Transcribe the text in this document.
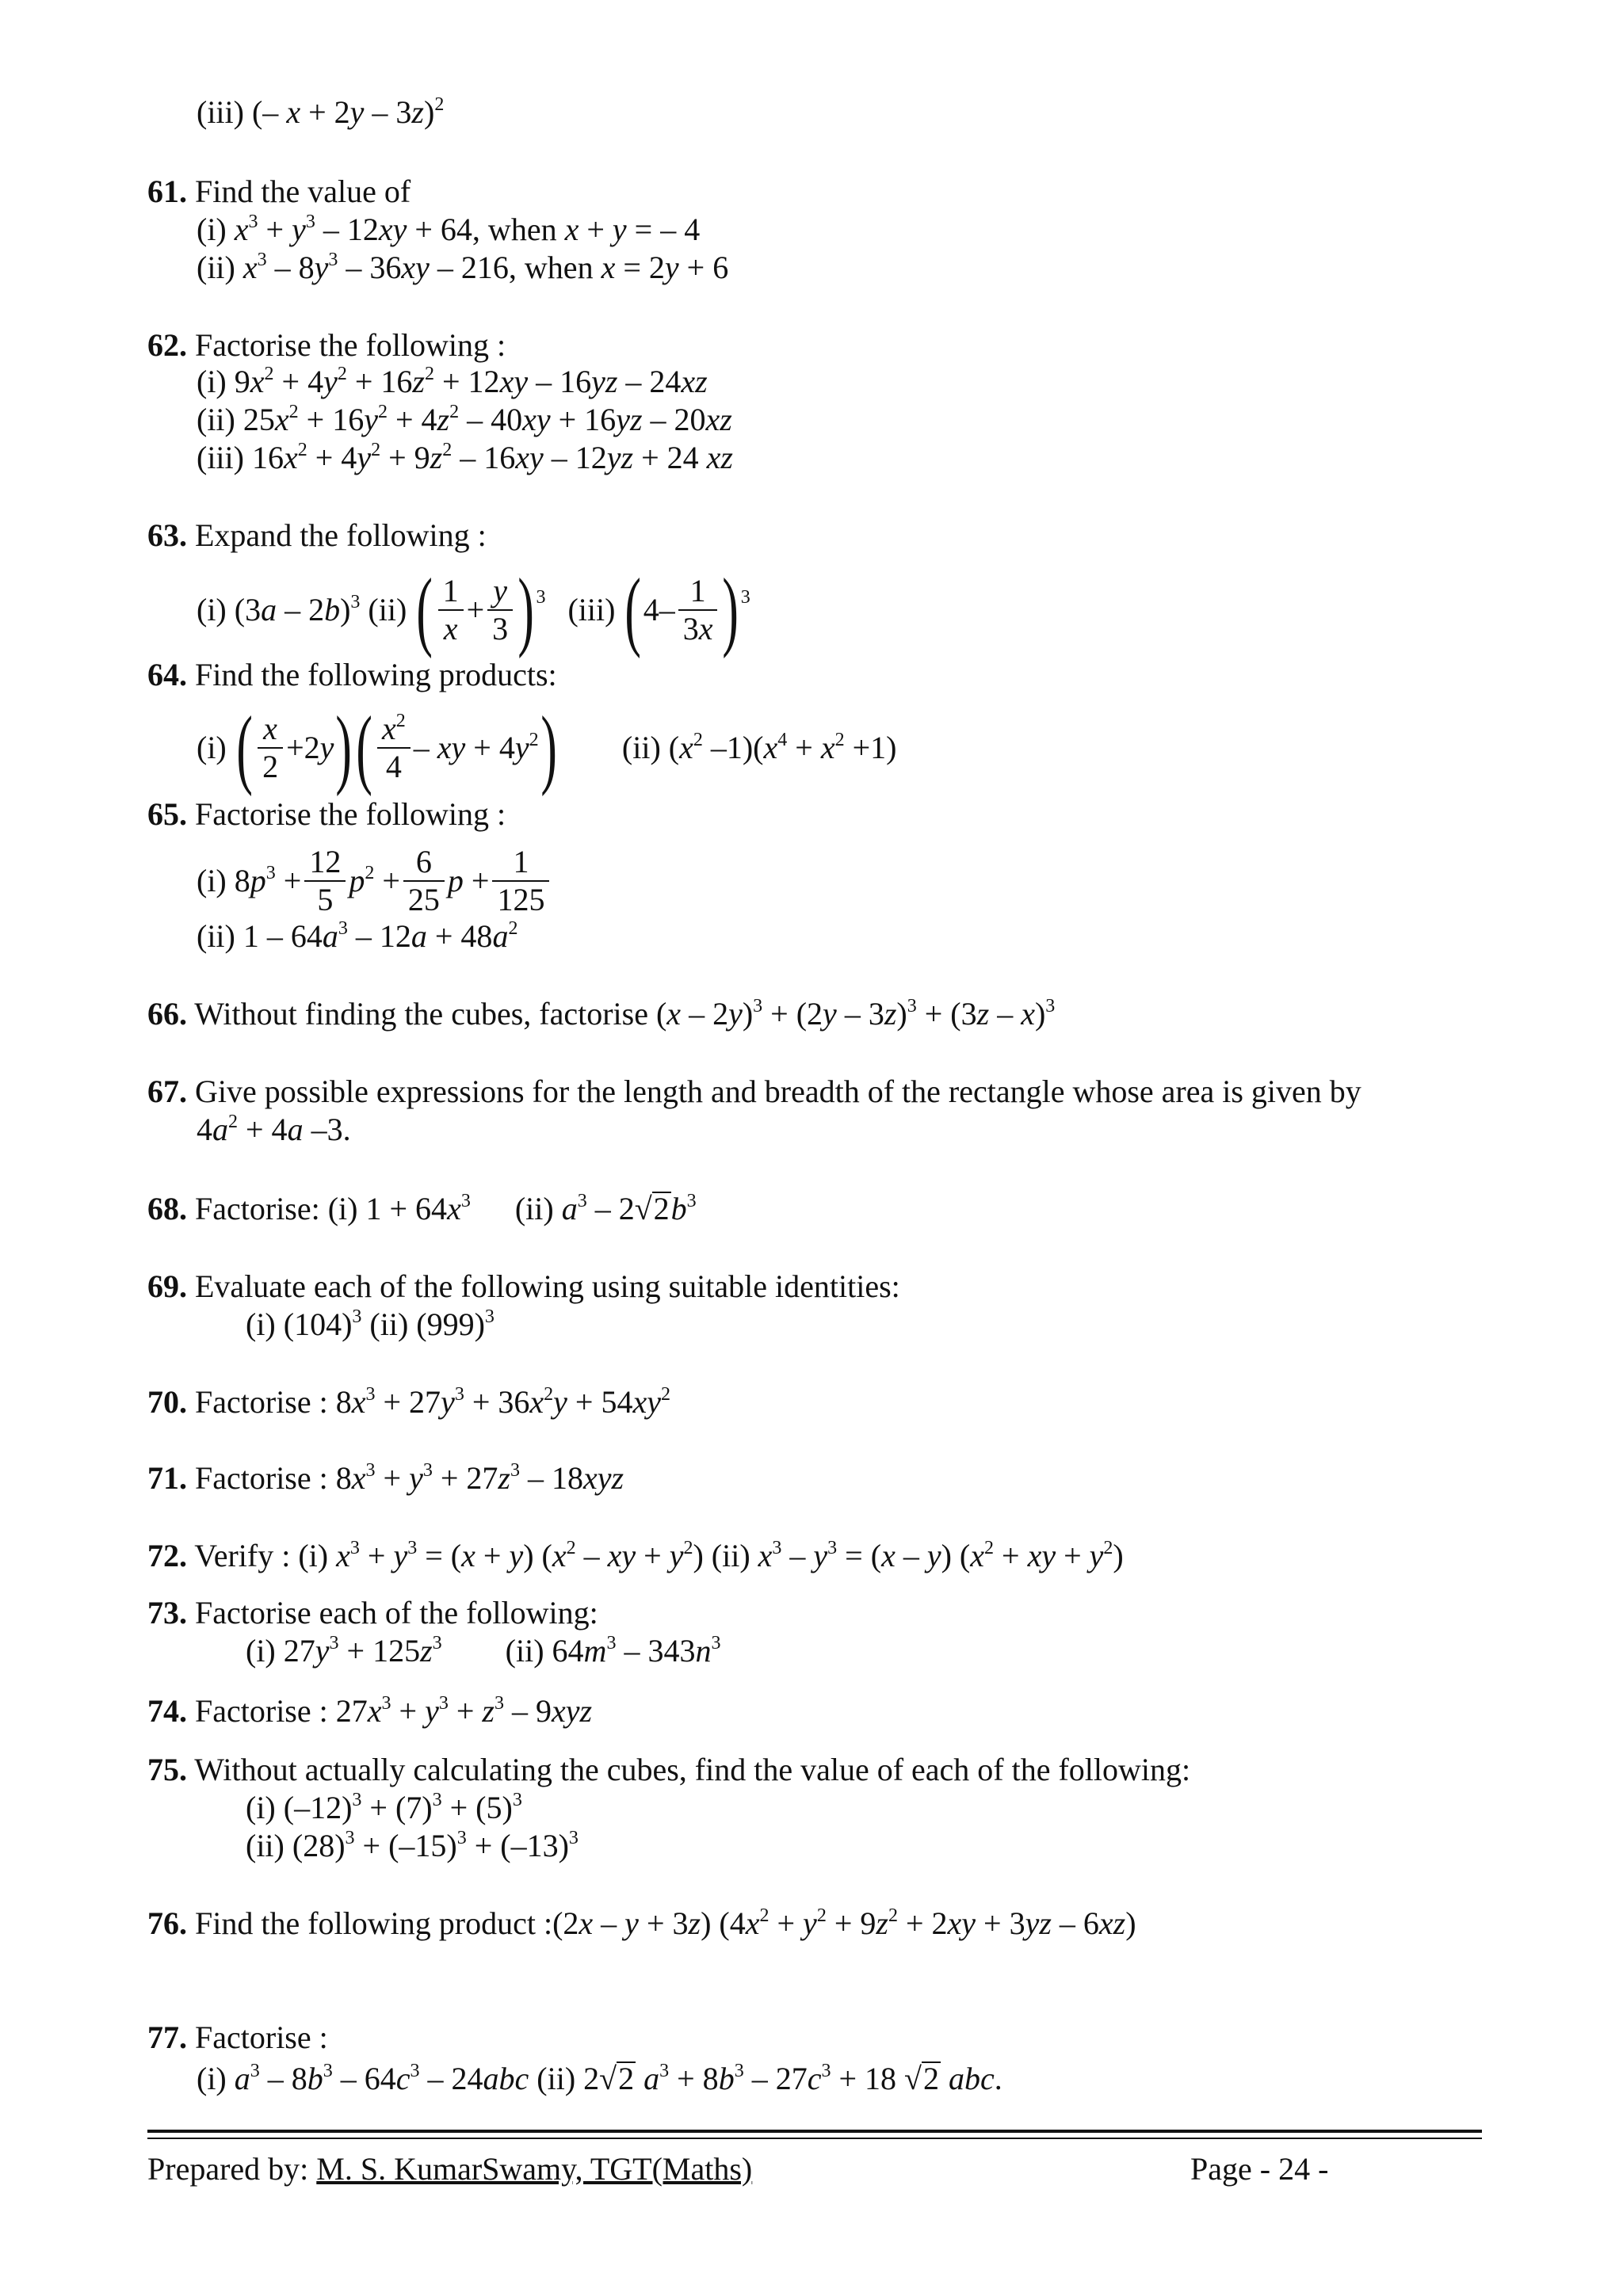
(iii) (– x + 2y – 3z)$^2$
61. Find the value of
(i) $x^3 + y^3 - 12xy + 64$, when x + y = – 4
(ii) $x^3 - 8y^3 - 36xy - 216$, when x = 2y + 6
62. Factorise the following :
(i) $9x^2 + 4y^2 + 16z^2 + 12xy - 16yz - 24xz$
(ii) $25x^2 + 16y^2 + 4z^2 - 40xy + 16yz - 20xz$
(iii) $16x^2 + 4y^2 + 9z^2 - 16xy - 12yz + 24$ xz
63. Expand the following :
(i) (3a – 2b)$^3$ (ii) ( $\frac{1}{x} + \frac{y}{3} )3$ (iii) $(4- \frac{1}{3x} )3$
64. Find the following products:
(i) ( $\frac{x}{2} +2y)( \frac{x^2}{4}$ – xy + $4y^2$) (ii) ($x^2$ $-1)(x^4 + x^2 +1)$
65. Factorise the following :
(i) $8p^3 + \frac{12}{5} p^2 + \frac{6}{25}$ $p + \frac{1}{125}$
(ii) $1 - 64a^3 - 12a + 48a^2$
66. Without finding the cubes, factorise (x – 2y)$^3$ + (2y – 3z)$^3$ + (3z – x)$^3$
67. Give possible expressions for the length and breadth of the rectangle whose area is given by
$4a^2 + 4a$ –3.
68. Factorise: (i) $1 + 64x^3$ (ii) $a^3 - 2√2b^3$
69. Evaluate each of the following using suitable identities:
(i) $(104)^3$ (ii) $(999)^3$
70. Factorise : $8x^3 + 27y^3 + 36x^2y + 54xy^2$
71. Factorise : $8x^3 + y^3 + 27z^3 - 18xyz$
72. Verify : (i) $x^3 + y^3 = (x + y)$ ($x^2$ – xy + $y^2$) (ii) $x^3 - y^3 = (x - y) (x^2$ + xy + $y^2$)
73. Factorise each of the following:
(i) $27y^3 + 125z^3$ (ii) $64m^3 - 343n^3$
74. Factorise : $27x^3 + y^3 + z^3 - 9xyz$
75. Without actually calculating the cubes, find the value of each of the following:
(i) $(-12)^3 + (7)^3 + (5)^3$
(ii) $(28)^3 + (-15)^3 + (-13)^3$
76. Find the following product :(2x – y + 3z) $(4x^2 + y^2 + 9z^2 + 2xy + 3yz - 6xz)$
77. Factorise :
(i) $a^3 - 8b^3 - 64c^3 - 24abc$ (ii) 2√2 $a^3 + 8b^3 - 27c^3 + 18$ √2 abc.
Prepared by: M. S. KumarSwamy, TGT(Maths)	Page - 24 -
